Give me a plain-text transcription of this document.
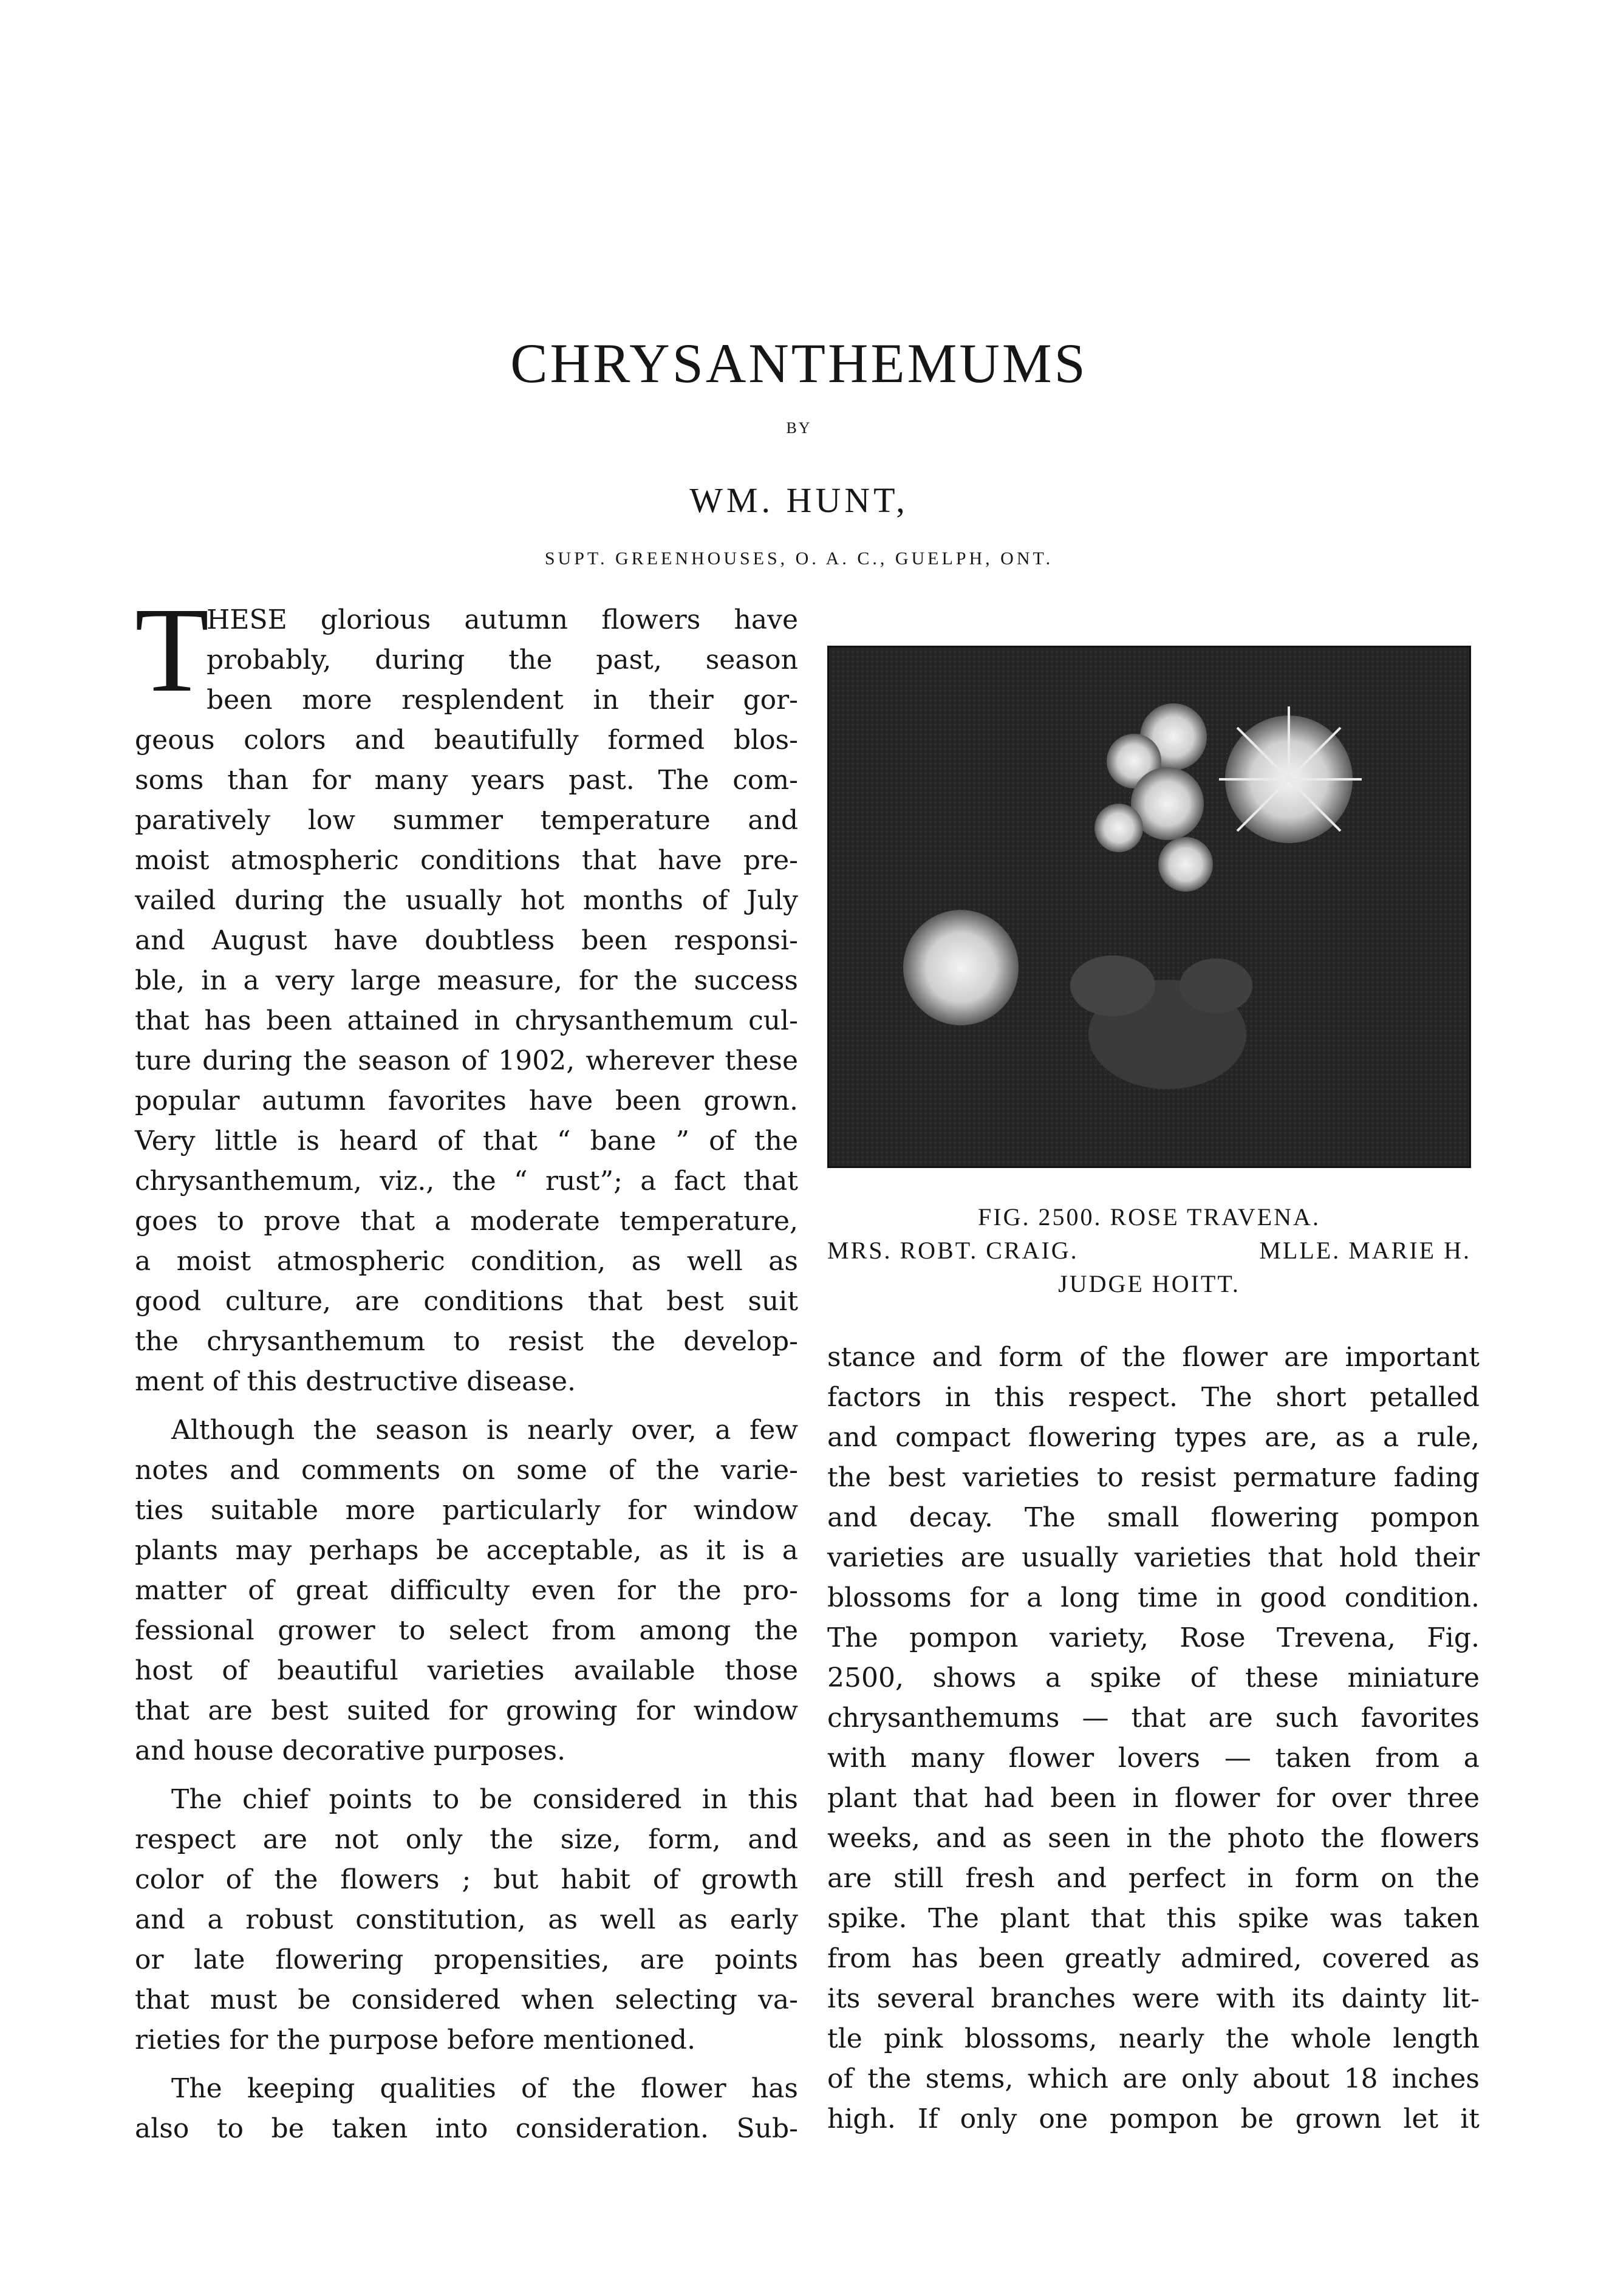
CHRYSANTHEMUMS
BY
WM. HUNT,
SUPT. GREENHOUSES, O. A. C., GUELPH, ONT.
T
HESE glorious autumn flowers have
probably, during the past, season
been more resplendent in their gor-
geous colors and beautifully formed blos-
soms than for many years past. The com-
paratively low summer temperature and
moist atmospheric conditions that have pre-
vailed during the usually hot months of July
and August have doubtless been responsi-
ble, in a very large measure, for the success
that has been attained in chrysanthemum cul-
ture during the season of 1902, wherever these
popular autumn favorites have been grown.
Very little is heard of that “ bane ” of the
chrysanthemum, viz., the “ rust”; a fact that
goes to prove that a moderate temperature,
a moist atmospheric condition, as well as
good culture, are conditions that best suit
the chrysanthemum to resist the develop-
ment of this destructive disease.
Although the season is nearly over, a few
notes and comments on some of the varie-
ties suitable more particularly for window
plants may perhaps be acceptable, as it is a
matter of great difficulty even for the pro-
fessional grower to select from among the
host of beautiful varieties available those
that are best suited for growing for window
and house decorative purposes.
The chief points to be considered in this
respect are not only the size, form, and
color of the flowers ; but habit of growth
and a robust constitution, as well as early
or late flowering propensities, are points
that must be considered when selecting va-
rieties for the purpose before mentioned.
The keeping qualities of the flower has
also to be taken into consideration. Sub-
FIG. 2500. ROSE TRAVENA.
MRS. ROBT. CRAIG.	MLLE. MARIE H.
JUDGE HOITT.
stance and form of the flower are important
factors in this respect. The short petalled
and compact flowering types are, as a rule,
the best varieties to resist permature fading
and decay. The small flowering pompon
varieties are usually varieties that hold their
blossoms for a long time in good condition.
The pompon variety, Rose Trevena, Fig.
2500, shows a spike of these miniature
chrysanthemums — that are such favorites
with many flower lovers — taken from a
plant that had been in flower for over three
weeks, and as seen in the photo the flowers
are still fresh and perfect in form on the
spike. The plant that this spike was taken
from has been greatly admired, covered as
its several branches were with its dainty lit-
tle pink blossoms, nearly the whole length
of the stems, which are only about 18 inches
high. If only one pompon be grown let it
